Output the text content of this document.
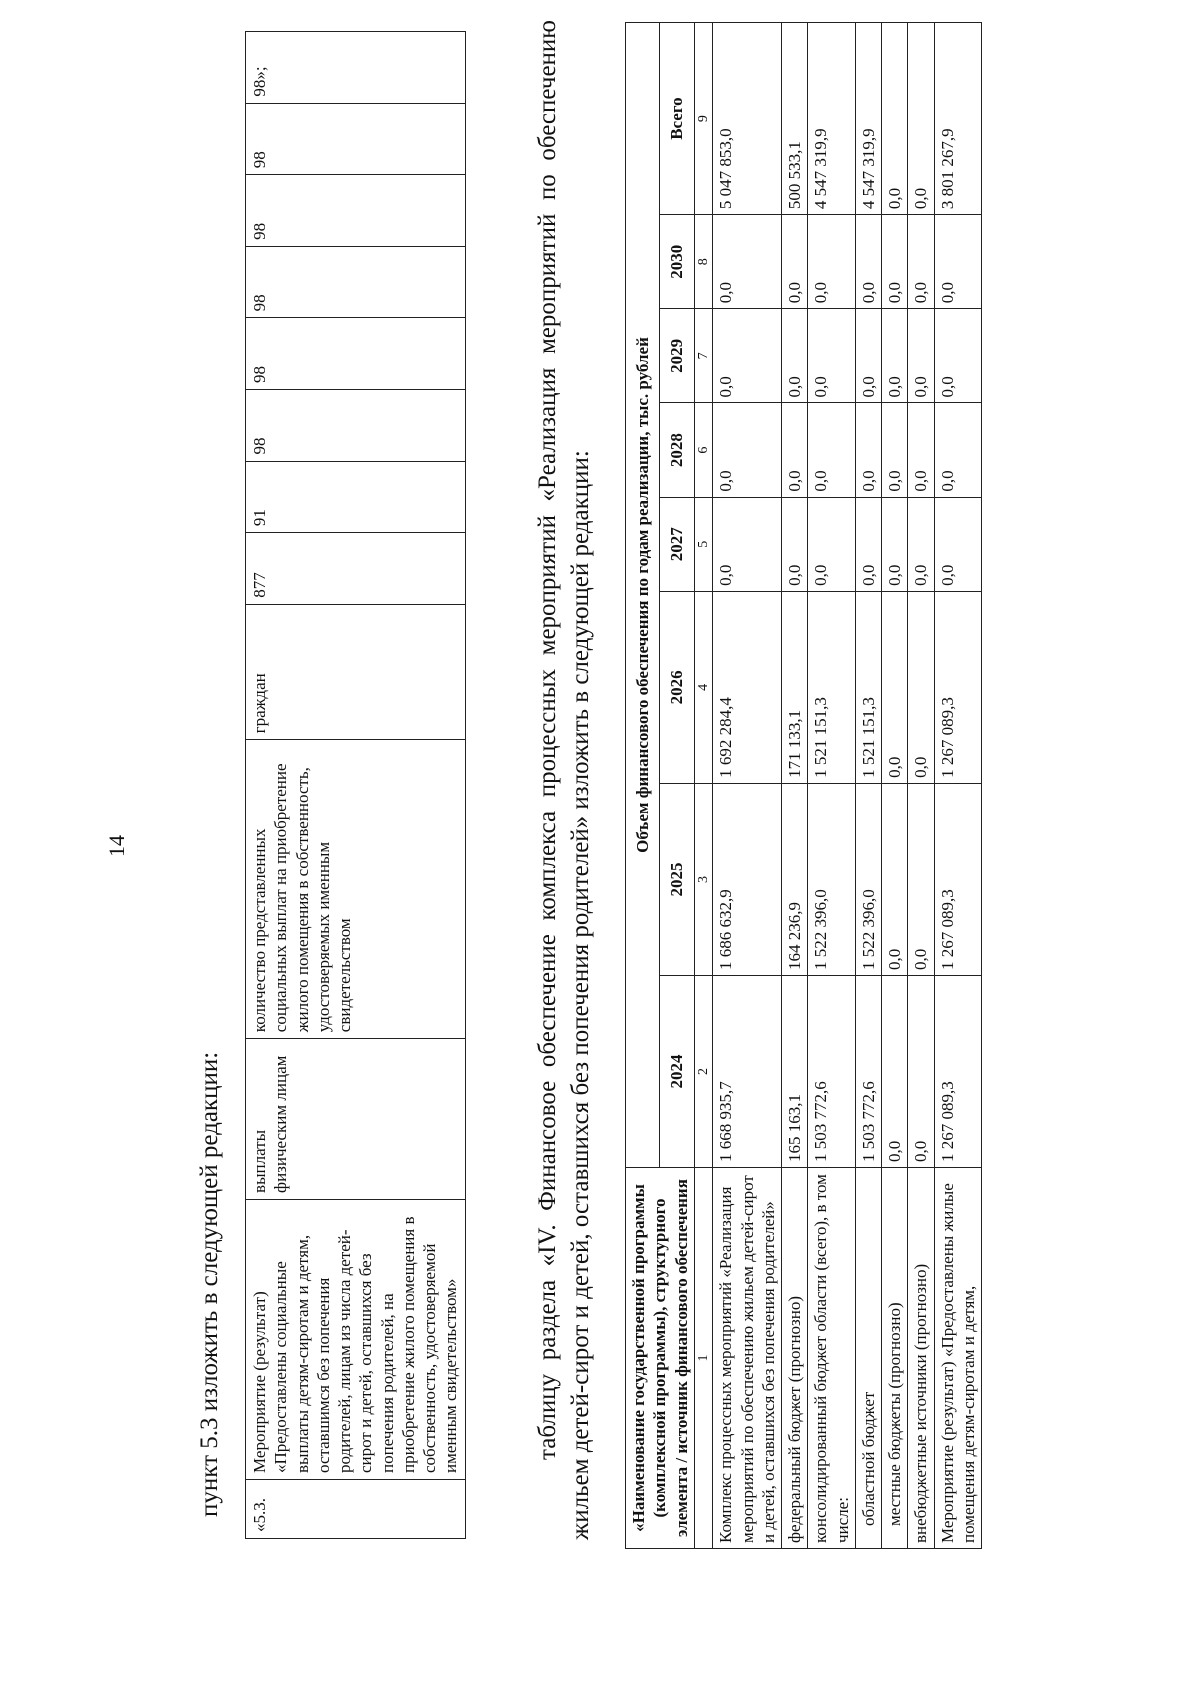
14
пункт 5.3 изложить в следующей редакции: «5.3.	Мероприятие (результат) «Предоставлены социальные выплаты детям-сиротам и детям, оставшимся без попечения родителей, лицам из числа детей-сирот и детей, оставшихся без попечения родителей, на приобретение жилого помещения в собственность, удостоверяемой именным свидетельством»	выплаты физическим лицам	количество представленных социальных выплат на приобретение жилого помещения в собственность, удостоверяемых именным свидетельством	граждан	877	91	98	98	98	98	98	98»;	таблицу раздела «IV. Финансовое обеспечение комплекса процессных мероприятий «Реализация мероприятий по обеспечению жильем детей-сирот и детей, оставшихся без попечения родителей» изложить в следующей редакции: «Наименование государственной программы (комплексной программы), структурного элемента / источник финансового обеспечения	Объем финансового обеспечения по годам реализации, тыс. рублей							
	2024	2025	2026	2027	2028	2029	2030	Всего
1	2	3	4	5	6	7	8	9
Комплекс процессных мероприятий «Реализация мероприятий по обеспечению жильем детей-сирот и детей, оставшихся без попечения родителей»	1 668 935,7	1 686 632,9	1 692 284,4	0,0	0,0	0,0	0,0	5 047 853,0
федеральный бюджет (прогнозно)	165 163,1	164 236,9	171 133,1	0,0	0,0	0,0	0,0	500 533,1
консолидированный бюджет области (всего), в том числе:	1 503 772,6	1 522 396,0	1 521 151,3	0,0	0,0	0,0	0,0	4 547 319,9
областной бюджет	1 503 772,6	1 522 396,0	1 521 151,3	0,0	0,0	0,0	0,0	4 547 319,9
местные бюджеты (прогнозно)	0,0	0,0	0,0	0,0	0,0	0,0	0,0	0,0
внебюджетные источники (прогнозно)	0,0	0,0	0,0	0,0	0,0	0,0	0,0	0,0
Мероприятие (результат) «Предоставлены жилые помещения детям-сиротам и детям,	1 267 089,3	1 267 089,3	1 267 089,3	0,0	0,0	0,0	0,0	3 801 267,9
